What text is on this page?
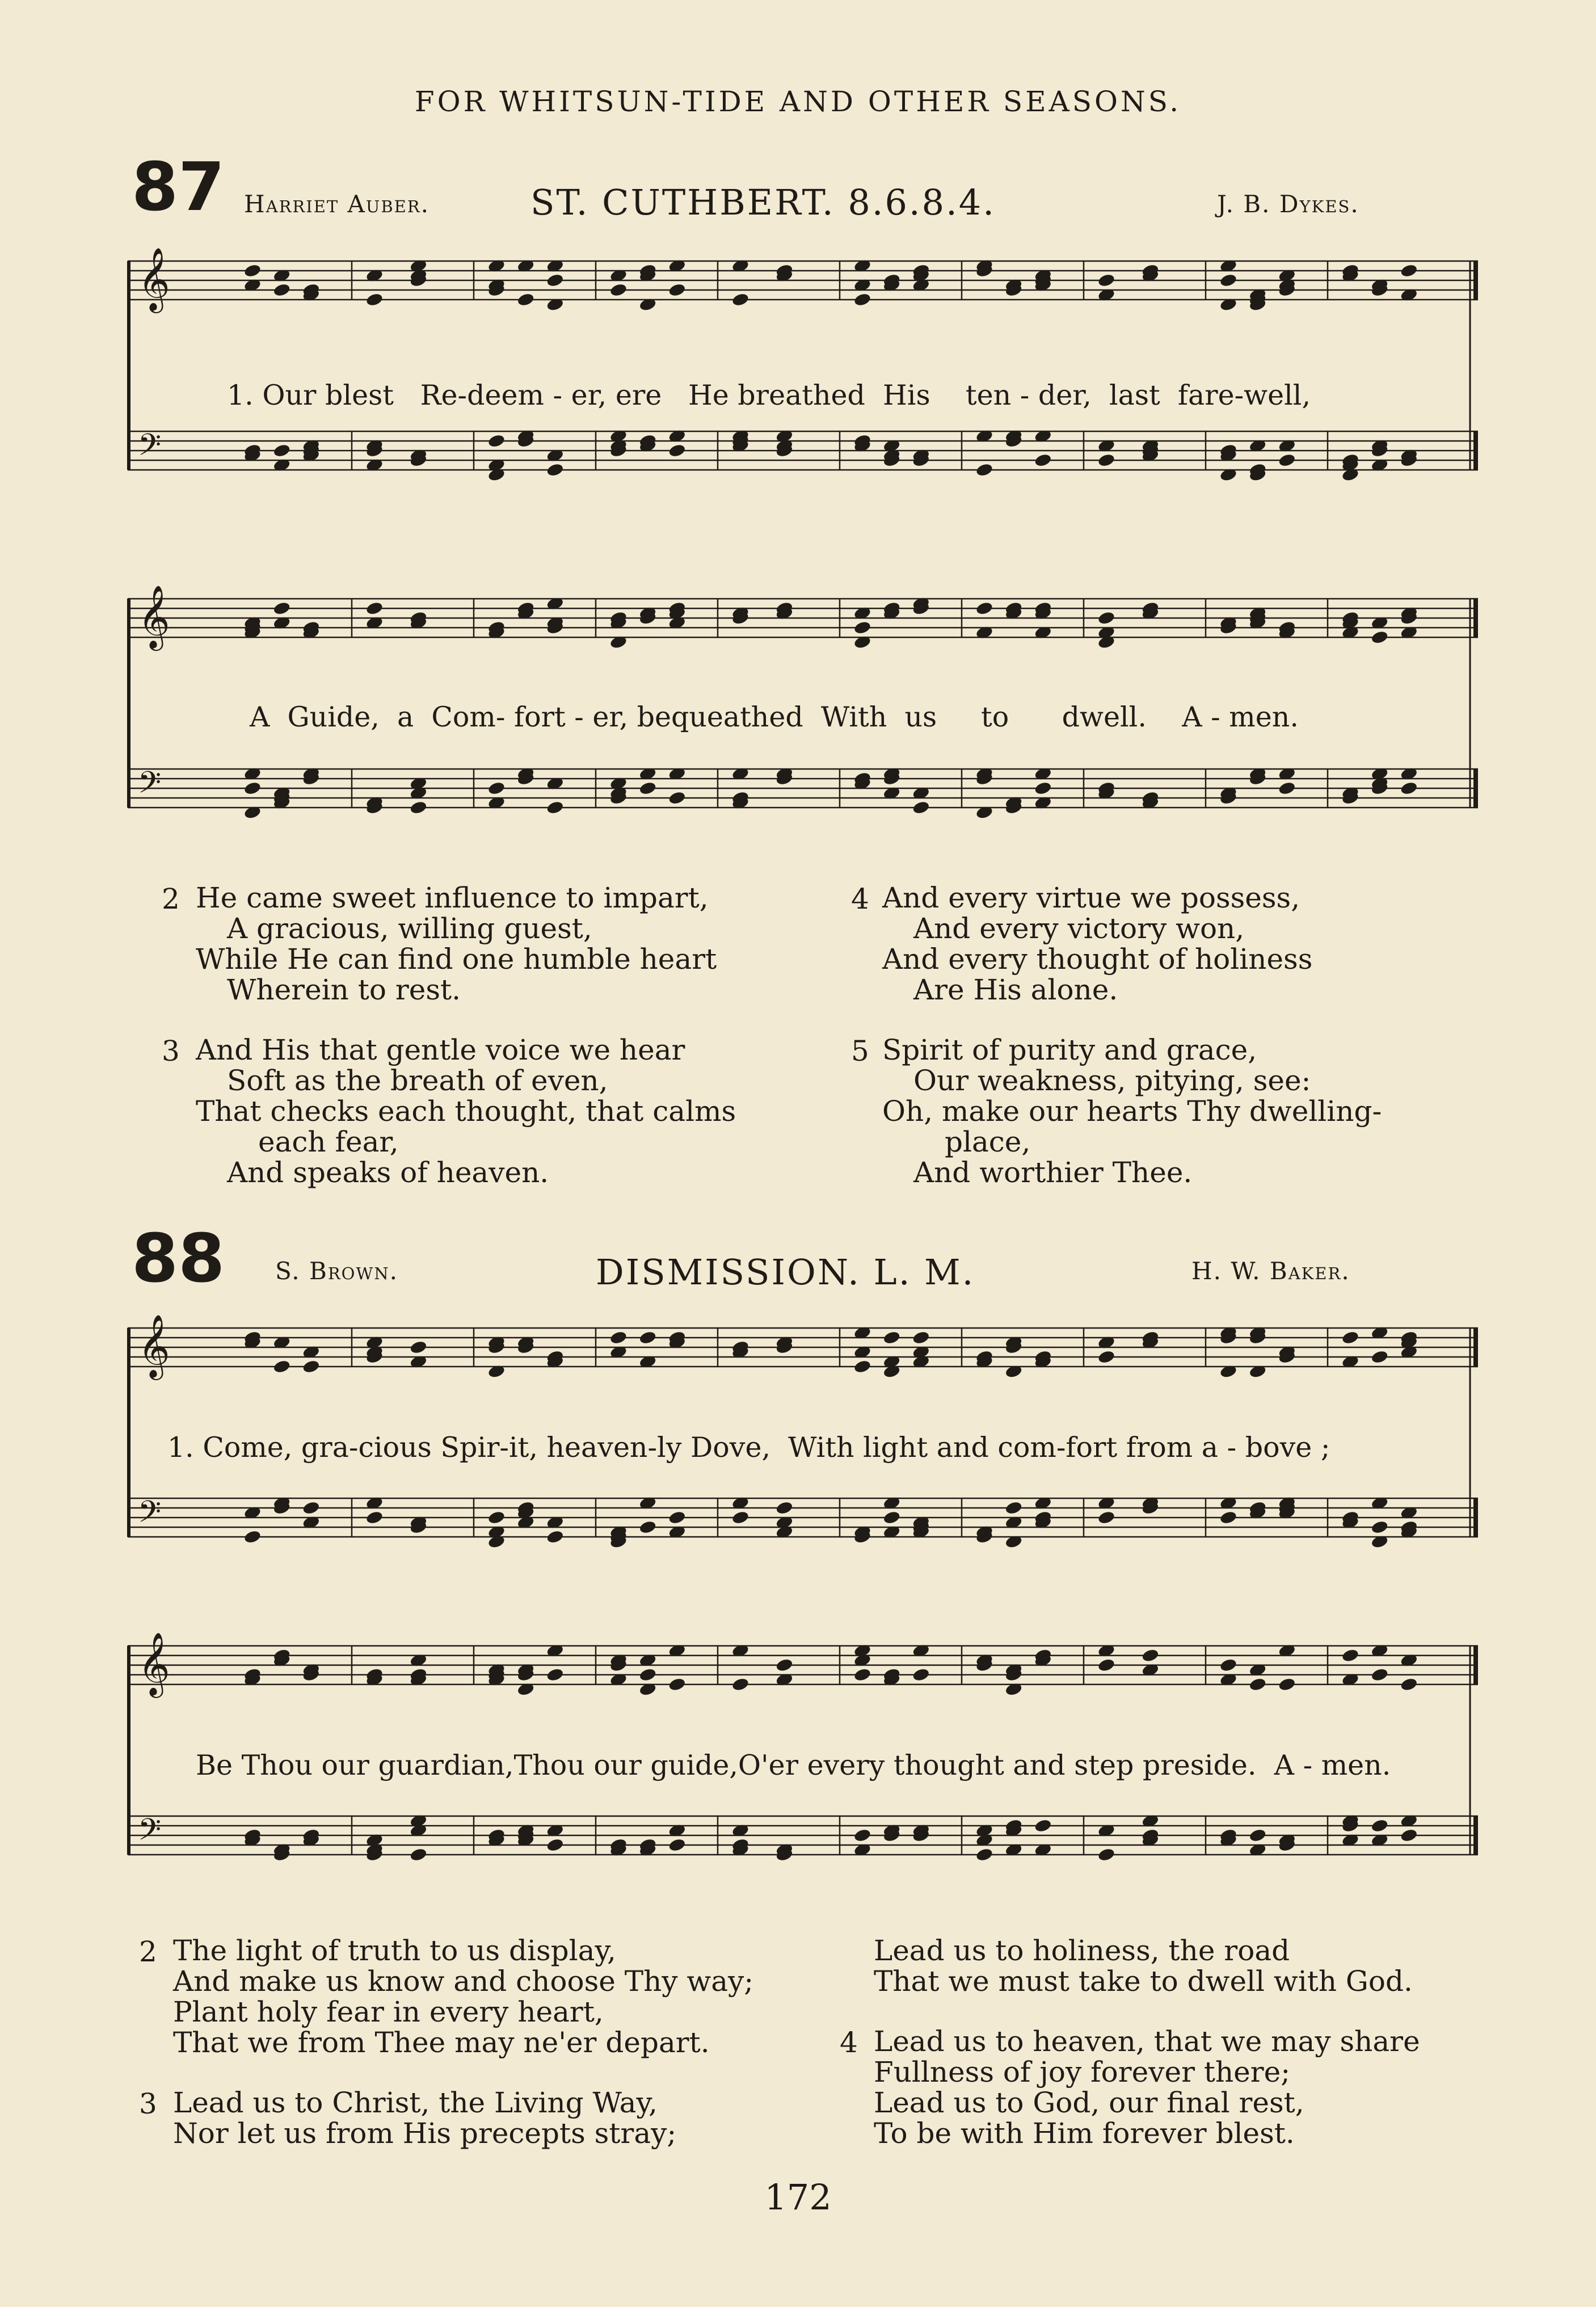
FOR WHITSUN-TIDE AND OTHER SEASONS.
87 Harriet Auber.	ST. CUTHBERT. 8.6.8.4.	J. B. Dykes.
𝄞
𝄢
1. Our blest   Re-deem - er, ere   He breathed  His    ten - der,  last  fare-well,
𝄞
𝄢
A  Guide,  a  Com- fort - er, bequeathed  With  us     to      dwell.    A - men.
2 He came sweet influence to impart,
A gracious, willing guest,
While He can find one humble heart
Wherein to rest.
3 And His that gentle voice we hear
Soft as the breath of even,
That checks each thought, that calms
each fear,
And speaks of heaven.
4 And every virtue we possess,
And every victory won,
And every thought of holiness
Are His alone.
5 Spirit of purity and grace,
Our weakness, pitying, see:
Oh, make our hearts Thy dwelling-
place,
And worthier Thee.
88 S. Brown.	DISMISSION. L. M.	H. W. Baker.
𝄞
𝄢
1. Come, gra-cious Spir-it, heaven-ly Dove,  With light and com-fort from a - bove ;
𝄞
𝄢
Be Thou our guardian,Thou our guide,O'er every thought and step preside.  A - men.
2 The light of truth to us display,
And make us know and choose Thy way;
Plant holy fear in every heart,
That we from Thee may ne'er depart.
3 Lead us to Christ, the Living Way,
Nor let us from His precepts stray;
Lead us to holiness, the road
That we must take to dwell with God.
4 Lead us to heaven, that we may share
Fullness of joy forever there;
Lead us to God, our final rest,
To be with Him forever blest.
172
